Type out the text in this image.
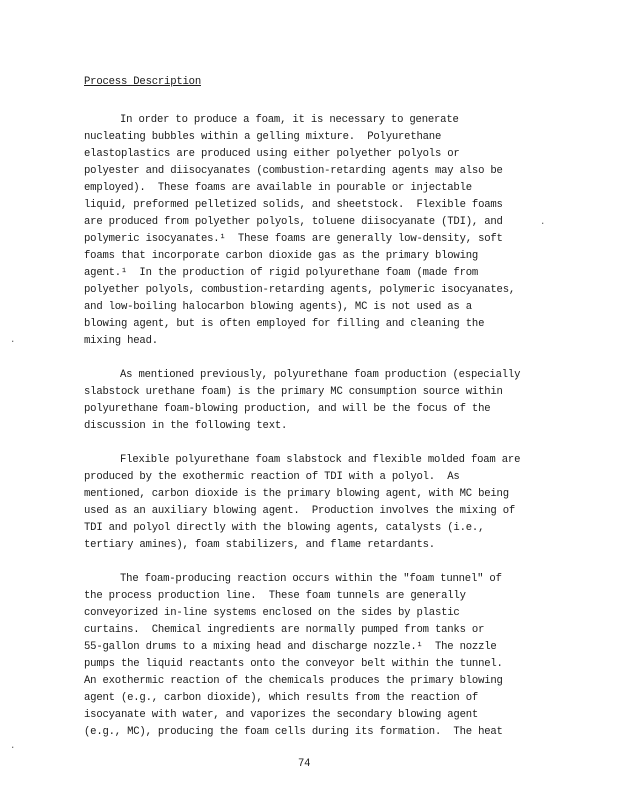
Process Description
In order to produce a foam, it is necessary to generate
nucleating bubbles within a gelling mixture.  Polyurethane
elastoplastics are produced using either polyether polyols or
polyester and diisocyanates (combustion-retarding agents may also be
employed).  These foams are available in pourable or injectable
liquid, preformed pelletized solids, and sheetstock.  Flexible foams
are produced from polyether polyols, toluene diisocyanate (TDI), and
polymeric isocyanates.¹  These foams are generally low-density, soft
foams that incorporate carbon dioxide gas as the primary blowing
agent.¹  In the production of rigid polyurethane foam (made from
polyether polyols, combustion-retarding agents, polymeric isocyanates,
and low-boiling halocarbon blowing agents), MC is not used as a
blowing agent, but is often employed for filling and cleaning the
mixing head.
As mentioned previously, polyurethane foam production (especially
slabstock urethane foam) is the primary MC consumption source within
polyurethane foam-blowing production, and will be the focus of the
discussion in the following text.
Flexible polyurethane foam slabstock and flexible molded foam are
produced by the exothermic reaction of TDI with a polyol.  As
mentioned, carbon dioxide is the primary blowing agent, with MC being
used as an auxiliary blowing agent.  Production involves the mixing of
TDI and polyol directly with the blowing agents, catalysts (i.e.,
tertiary amines), foam stabilizers, and flame retardants.
The foam-producing reaction occurs within the "foam tunnel" of
the process production line.  These foam tunnels are generally
conveyorized in-line systems enclosed on the sides by plastic
curtains.  Chemical ingredients are normally pumped from tanks or
55-gallon drums to a mixing head and discharge nozzle.¹  The nozzle
pumps the liquid reactants onto the conveyor belt within the tunnel.
An exothermic reaction of the chemicals produces the primary blowing
agent (e.g., carbon dioxide), which results from the reaction of
isocyanate with water, and vaporizes the secondary blowing agent
(e.g., MC), producing the foam cells during its formation.  The heat
74
·
·
·
